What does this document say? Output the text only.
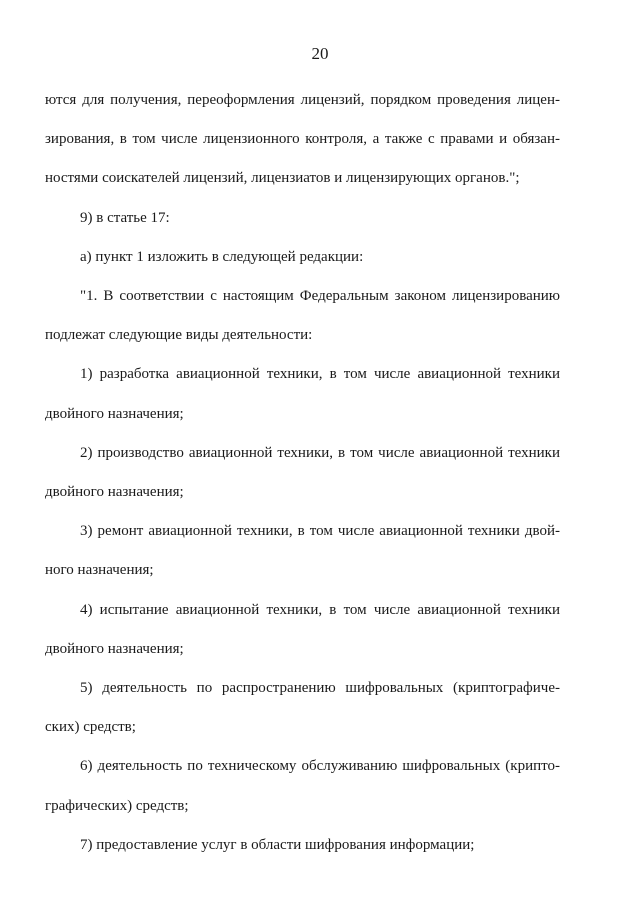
20
ются для получения, переоформления лицензий, порядком проведения лицен-
зирования, в том числе лицензионного контроля, а также с правами и обязан-
ностями соискателей лицензий, лицензиатов и лицензирующих органов.";
9) в статье 17:
а) пункт 1 изложить в следующей редакции:
"1. В соответствии с настоящим Федеральным законом лицензированию
подлежат следующие виды деятельности:
1) разработка авиационной техники, в том числе авиационной техники
двойного назначения;
2) производство авиационной техники, в том числе авиационной техники
двойного назначения;
3) ремонт авиационной техники, в том числе авиационной техники двой-
ного назначения;
4) испытание авиационной техники, в том числе авиационной техники
двойного назначения;
5) деятельность по распространению шифровальных (криптографиче-
ских) средств;
6) деятельность по техническому обслуживанию шифровальных (крипто-
графических) средств;
7) предоставление услуг в области шифрования информации;
